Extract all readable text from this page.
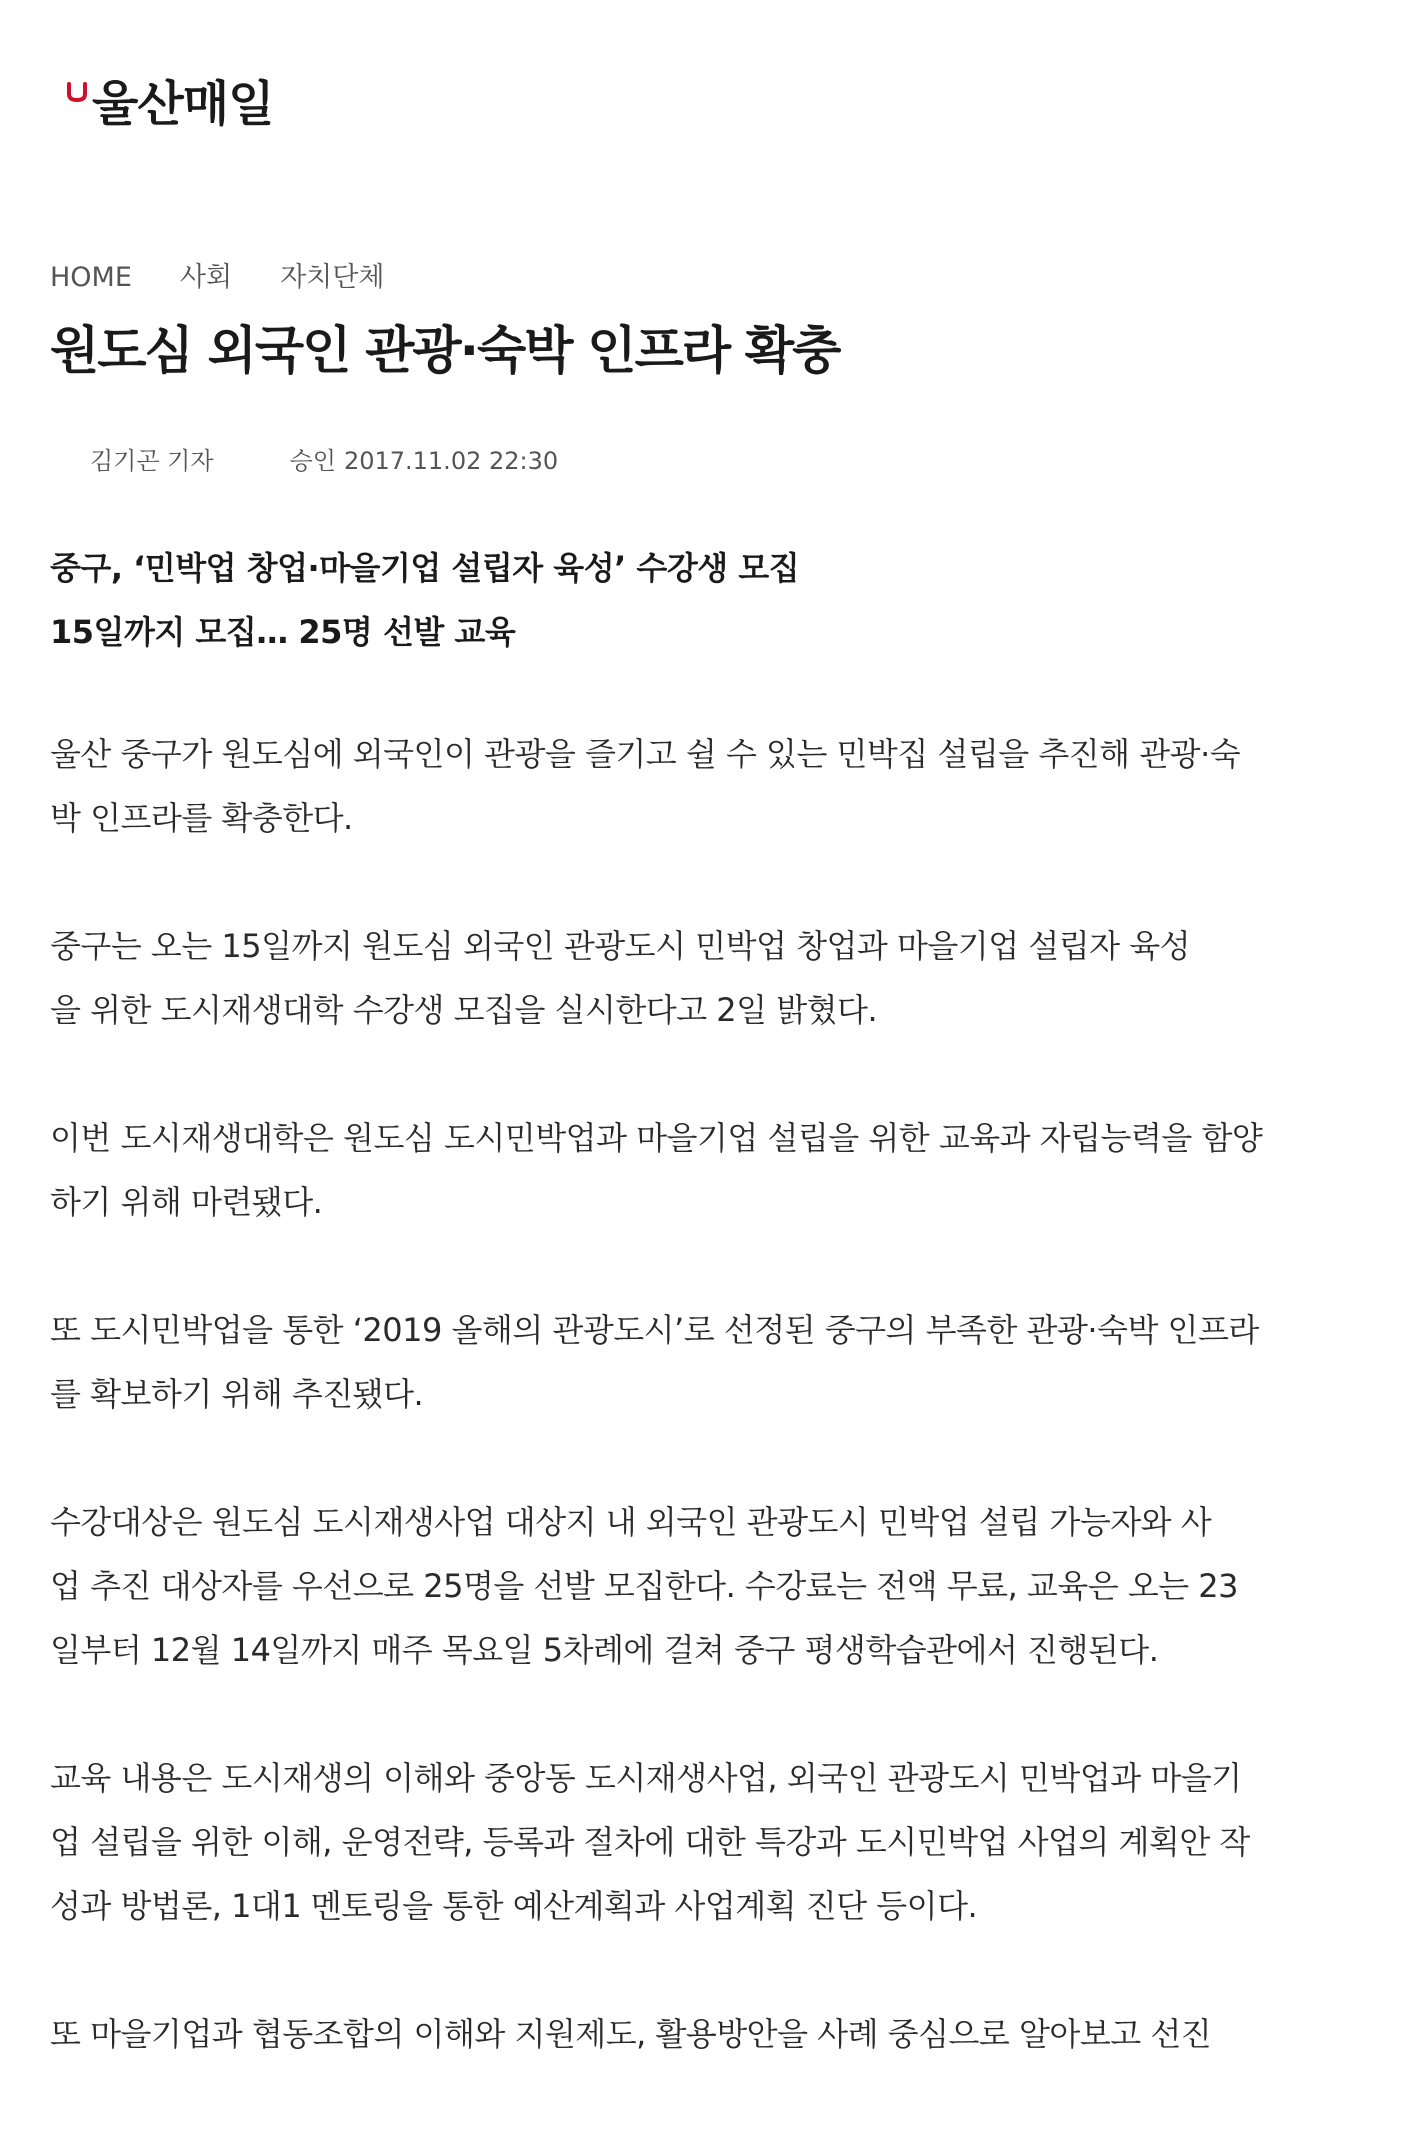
울산매일
HOME 사회 자치단체
원도심 외국인 관광·숙박 인프라 확충
김기곤 기자	승인 2017.11.02 22:30
중구, ‘민박업 창업·마을기업 설립자 육성’ 수강생 모집
15일까지 모집… 25명 선발 교육

울산 중구가 원도심에 외국인이 관광을 즐기고 쉴 수 있는 민박집 설립을 추진해 관광·숙
박 인프라를 확충한다.

중구는 오는 15일까지 원도심 외국인 관광도시 민박업 창업과 마을기업 설립자 육성
을 위한 도시재생대학 수강생 모집을 실시한다고 2일 밝혔다.

이번 도시재생대학은 원도심 도시민박업과 마을기업 설립을 위한 교육과 자립능력을 함양
하기 위해 마련됐다.

또 도시민박업을 통한 ‘2019 올해의 관광도시’로 선정된 중구의 부족한 관광·숙박 인프라
를 확보하기 위해 추진됐다.

수강대상은 원도심 도시재생사업 대상지 내 외국인 관광도시 민박업 설립 가능자와 사
업 추진 대상자를 우선으로 25명을 선발 모집한다. 수강료는 전액 무료, 교육은 오는 23
일부터 12월 14일까지 매주 목요일 5차례에 걸쳐 중구 평생학습관에서 진행된다.

교육 내용은 도시재생의 이해와 중앙동 도시재생사업, 외국인 관광도시 민박업과 마을기
업 설립을 위한 이해, 운영전략, 등록과 절차에 대한 특강과 도시민박업 사업의 계획안 작
성과 방법론, 1대1 멘토링을 통한 예산계획과 사업계획 진단 등이다.

또 마을기업과 협동조합의 이해와 지원제도, 활용방안을 사례 중심으로 알아보고 선진
